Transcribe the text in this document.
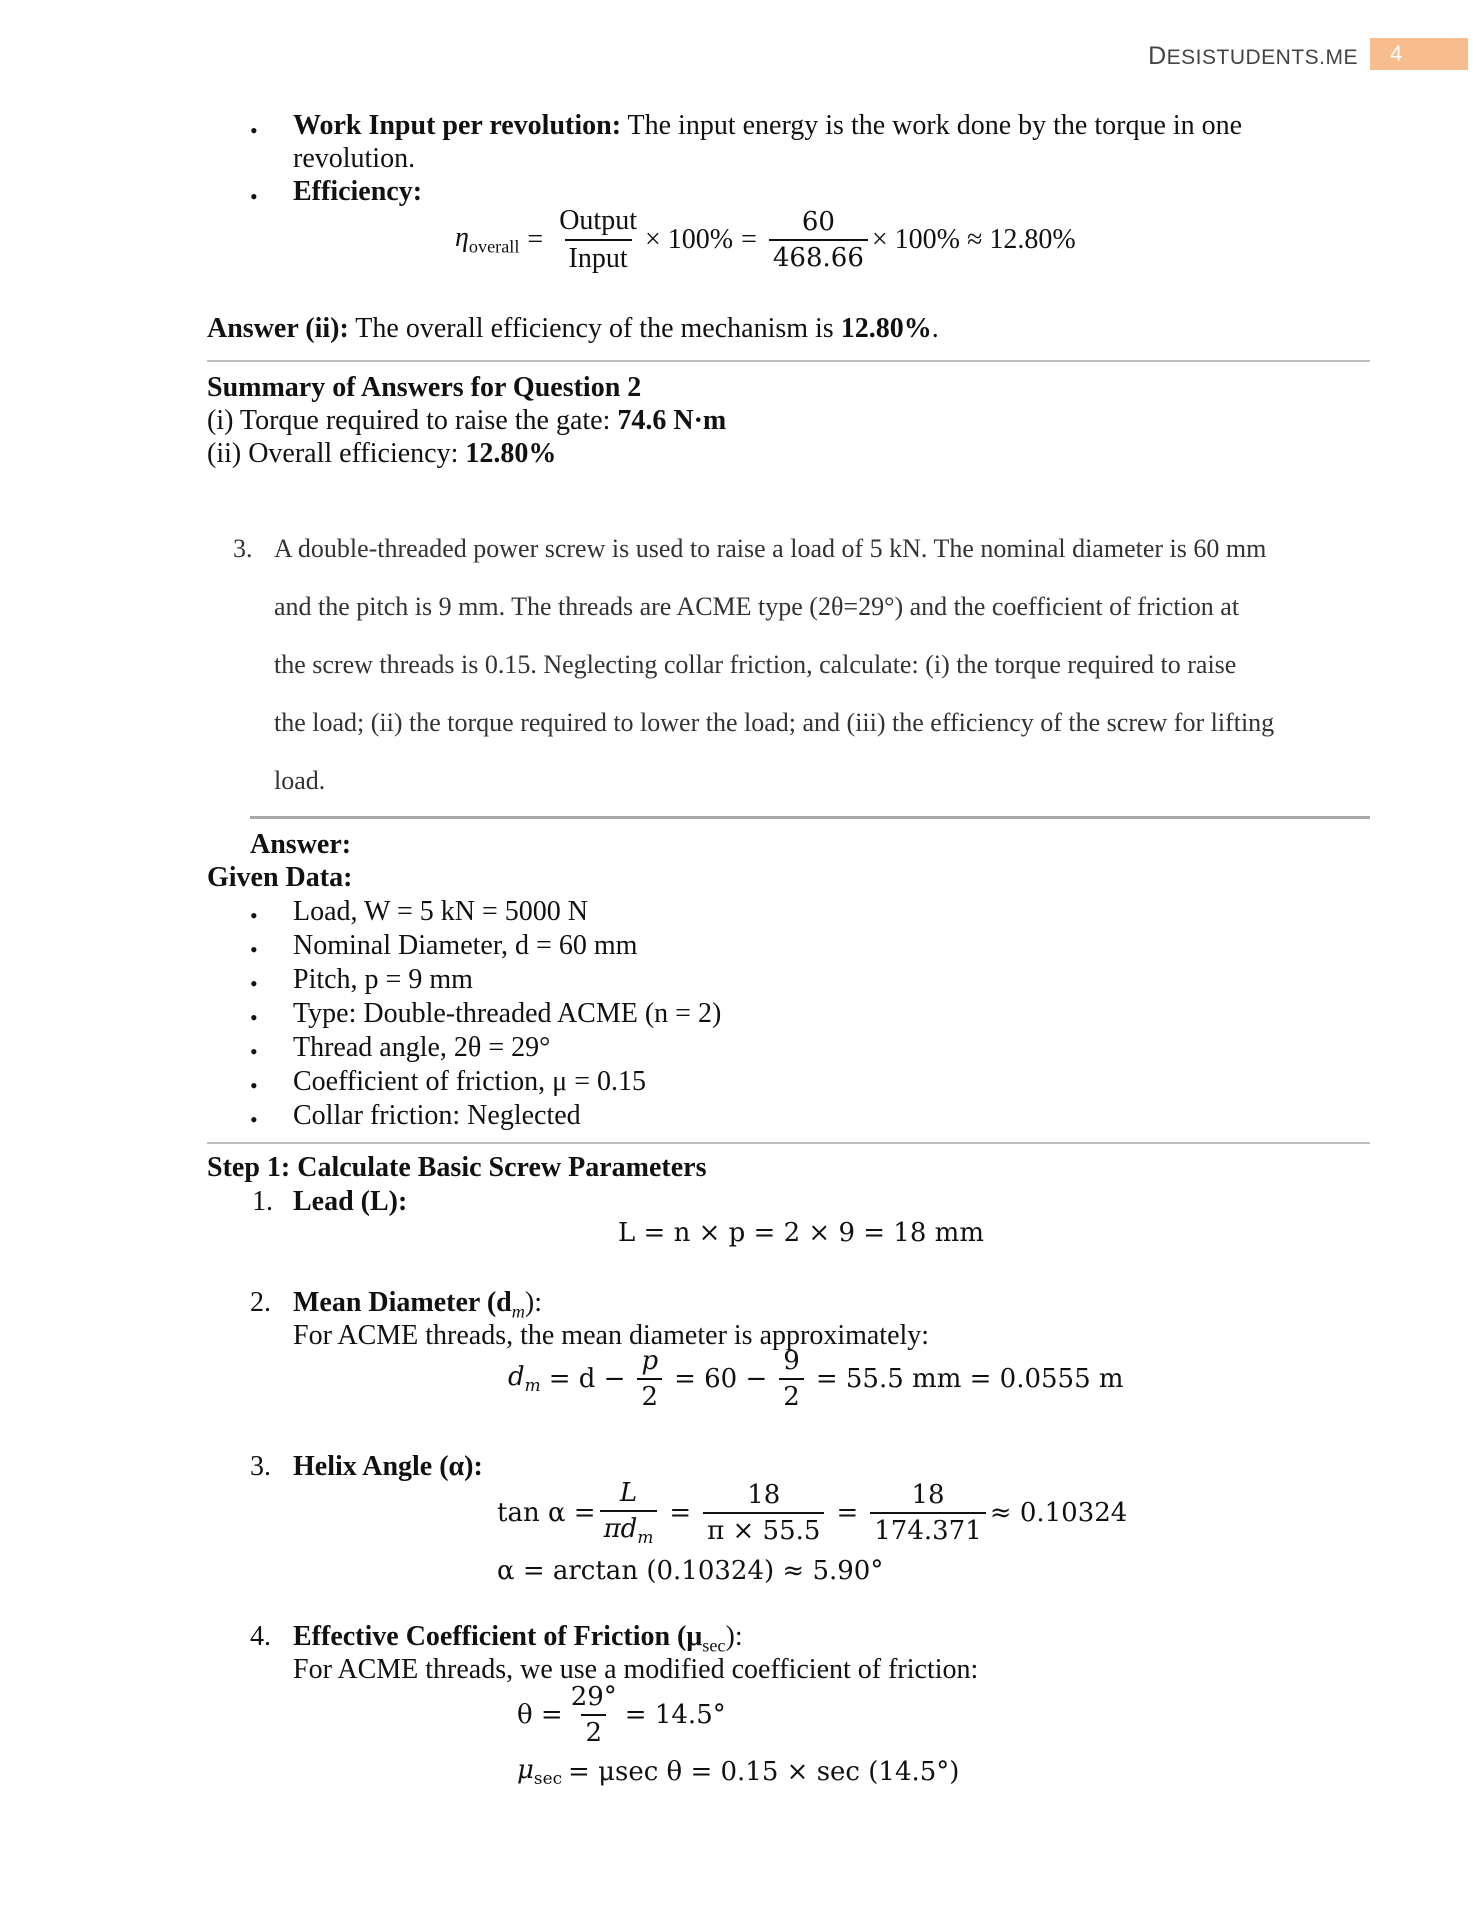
DESISTUDENTS.ME	4
• Work Input per revolution: The input energy is the work done by the torque in one
revolution.
• Efficiency:
$\eta_{overall} = \frac{\text{Output}}{\text{Input}} \times 100\% = \frac{60}{468.66} \times 100\% \approx 12.80\%$
Answer (ii): The overall efficiency of the mechanism is 12.80%.
Summary of Answers for Question 2
(i) Torque required to raise the gate: 74.6 N·m
(ii) Overall efficiency: 12.80%
3. A double-threaded power screw is used to raise a load of 5 kN. The nominal diameter is 60 mm
and the pitch is 9 mm. The threads are ACME type (2θ=29°) and the coefficient of friction at
the screw threads is 0.15. Neglecting collar friction, calculate: (i) the torque required to raise
the load; (ii) the torque required to lower the load; and (iii) the efficiency of the screw for lifting
load.
Answer:
Given Data:
• Load, W = 5 kN = 5000 N
• Nominal Diameter, d = 60 mm
• Pitch, p = 9 mm
• Type: Double-threaded ACME (n = 2)
• Thread angle, 2θ = 29°
• Coefficient of friction, μ = 0.15
• Collar friction: Neglected
Step 1: Calculate Basic Screw Parameters
1. Lead (L):
L = n × p = 2 × 9 = 18 mm
2. Mean Diameter $(d_m)$:
For ACME threads, the mean diameter is approximately:
$d_m = d - \frac{p}{2} = 60 - \frac{9}{2} = 55.5$ mm = 0.0555 m
3. Helix Angle (α):
$\tan \alpha = \frac{L}{\pi d_m} = \frac{18}{\pi \times 55.5} = \frac{18}{174.371} \approx 0.10324$
α = arctan (0.10324) ≈ 5.90°
4. Effective Coefficient of Friction $(\mu_{sec})$:
For ACME threads, we use a modified coefficient of friction:
$\theta = \frac{29^\circ}{2} = 14.5^\circ$
$\mu_{sec} = \mu\sec$ θ = 0.15 × sec (14.5°)
